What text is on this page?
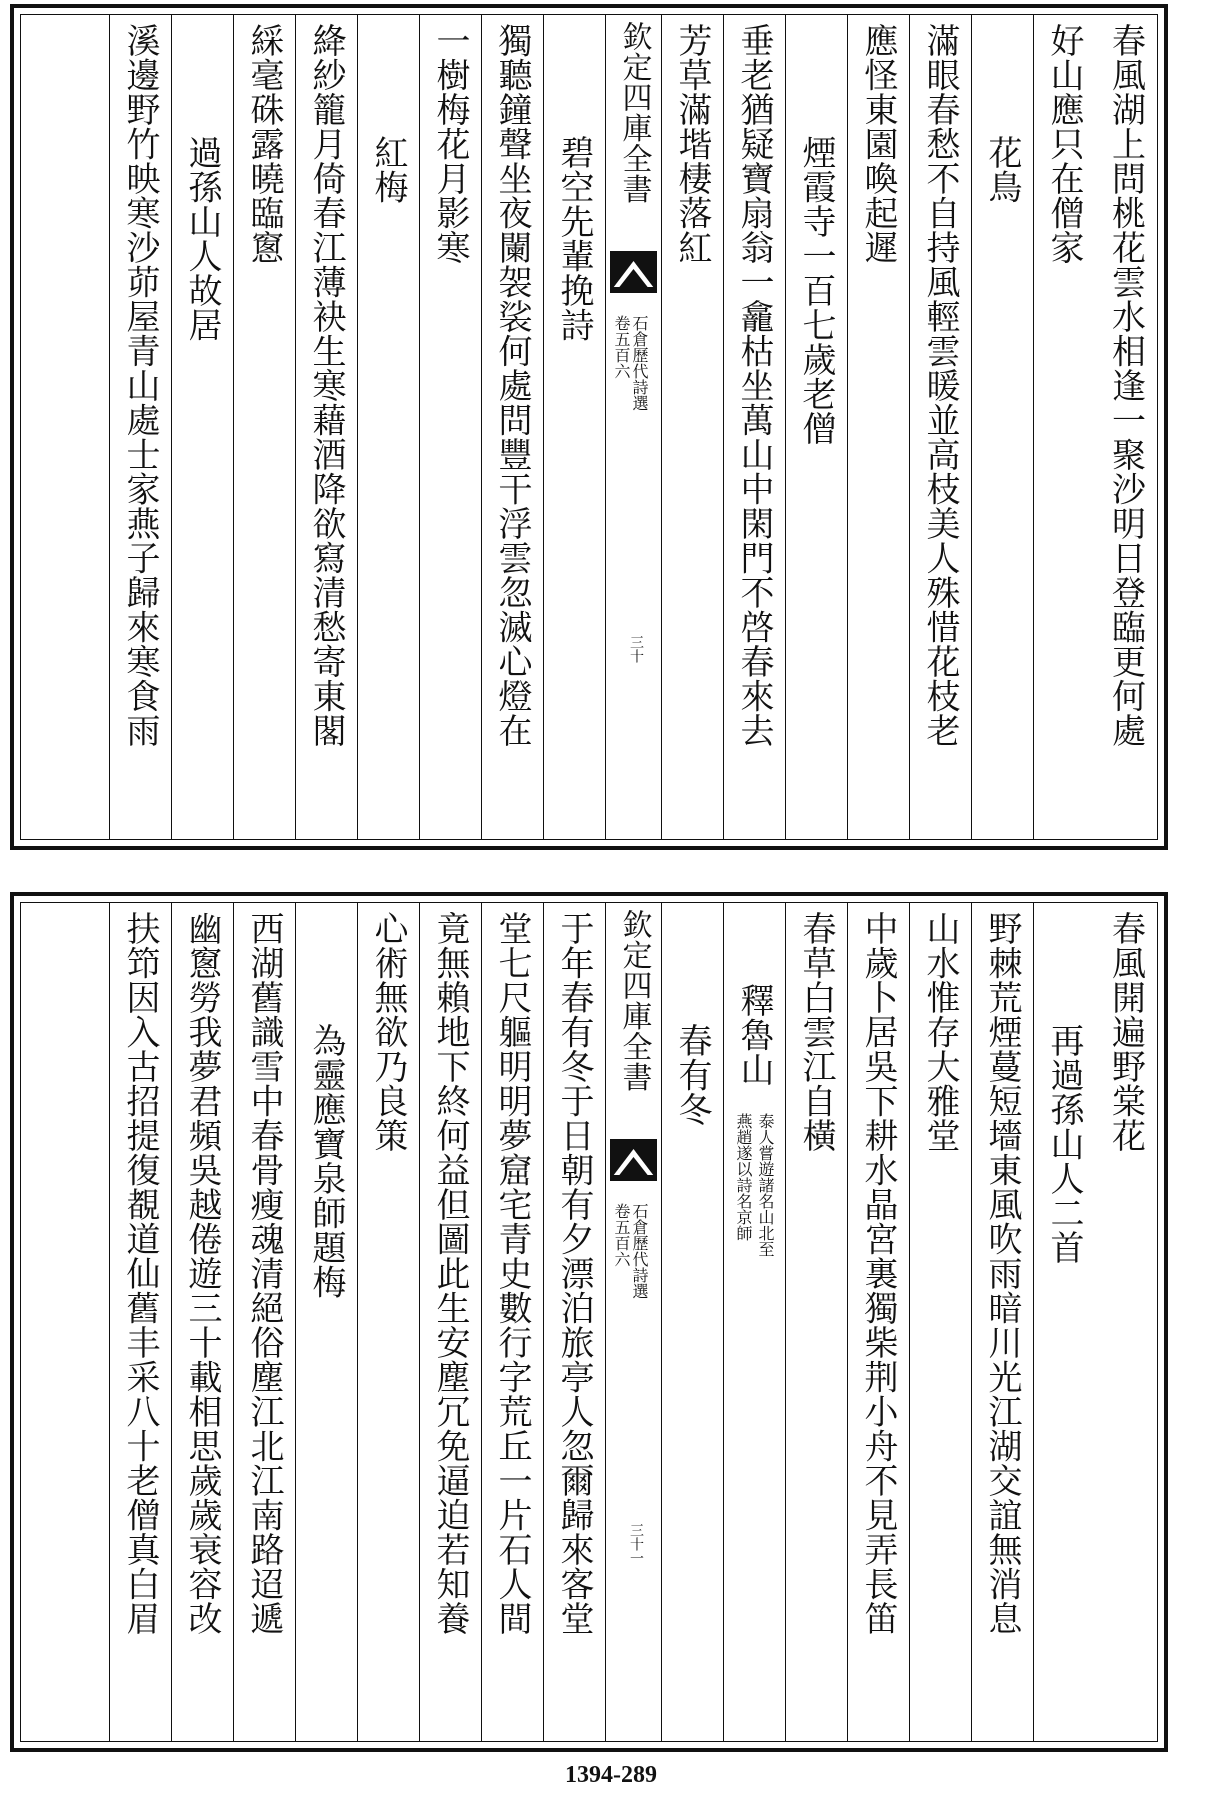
春風湖上問桃花雲水相逢一聚沙明日登臨更何處
好山應只在僧家
花鳥
滿眼春愁不自持風輕雲暖並高枝美人殊惜花枝老
應怪東園喚起遲
煙霞寺一百七歲老僧
垂老猶疑寶扇翁一龕枯坐萬山中閑門不啓春來去
芳草滿堦棲落紅
欽定四庫全書
石倉歷代詩選
卷五百六
三十
碧空先輩挽詩
獨聽鐘聲坐夜闌袈裟何處問豐干浮雲忽滅心燈在
一樹梅花月影寒
紅梅
絳紗籠月倚春江薄袂生寒藉酒降欲寫清愁寄東閣
綵毫硃露曉臨窻
過孫山人故居
溪邊野竹映寒沙茆屋青山處士家燕子歸來寒食雨
春風開遍野棠花
再過孫山人二首
野棘荒煙蔓短墻東風吹雨暗川光江湖交誼無消息
山水惟存大雅堂
中歲卜居吳下耕水晶宮裏獨柴荆小舟不見弄長笛
春草白雲江自橫
釋魯山
泰人嘗遊諸名山北至
燕趙遂以詩名京師
春有冬
欽定四庫全書
石倉歷代詩選
卷五百六
三十一
于年春有冬于日朝有夕漂泊旅亭人忽爾歸來客堂
堂七尺軀明明夢窟宅青史數行字荒丘一片石人間
竟無賴地下終何益但圖此生安塵冗免逼迫若知養
心術無欲乃良策
為靈應寶泉師題梅
西湖舊識雪中春骨瘦魂清絕俗塵江北江南路迢遞
幽窻勞我夢君頻吳越倦遊三十載相思歲歲衰容改
扶笻因入古招提復覩道仙舊丰采八十老僧真白眉
1394-289
